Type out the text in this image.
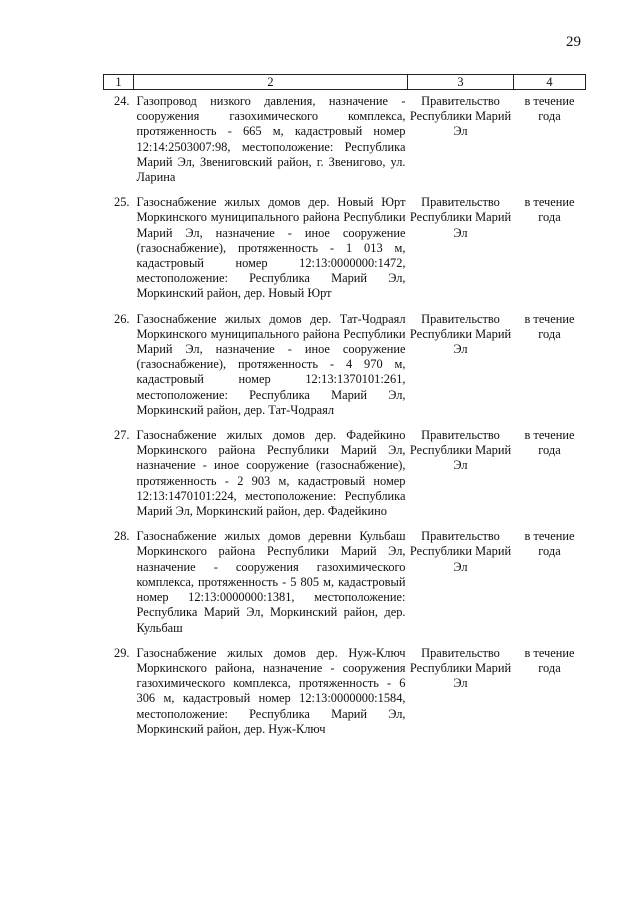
29
1	2	3	4
24.	Газопровод низкого давления, назначение - сооружения газохимического комплекса, протяженность - 665 м, кадастровый номер 12:14:2503007:98, местоположение: Республика Марий Эл, Звениговский район, г. Звенигово, ул. Ларина	Правительство Республики Марий Эл	в течение года
25.	Газоснабжение жилых домов дер. Новый Юрт Моркинского муниципального района Республики Марий Эл, назначение - иное сооружение (газоснабжение), протяженность - 1 013 м, кадастровый номер 12:13:0000000:1472, местоположение: Республика Марий Эл, Моркинский район, дер. Новый Юрт	Правительство Республики Марий Эл	в течение года
26.	Газоснабжение жилых домов дер. Тат-Чодраял Моркинского муниципального района Республики Марий Эл, назначение - иное сооружение (газоснабжение), протяженность - 4 970 м, кадастровый номер 12:13:1370101:261, местоположение: Республика Марий Эл, Моркинский район, дер. Тат-Чодраял	Правительство Республики Марий Эл	в течение года
27.	Газоснабжение жилых домов дер. Фадейкино Моркинского района Республики Марий Эл, назначение - иное сооружение (газоснабжение), протяженность - 2 903 м, кадастровый номер 12:13:1470101:224, местоположение: Республика Марий Эл, Моркинский район, дер. Фадейкино	Правительство Республики Марий Эл	в течение года
28.	Газоснабжение жилых домов деревни Кульбаш Моркинского района Республики Марий Эл, назначение - сооружения газохимического комплекса, протяженность - 5 805 м, кадастровый номер 12:13:0000000:1381, местоположение: Республика Марий Эл, Моркинский район, дер. Кульбаш	Правительство Республики Марий Эл	в течение года
29.	Газоснабжение жилых домов дер. Нуж-Ключ Моркинского района, назначение - сооружения газохимического комплекса, протяженность - 6 306 м, кадастровый номер 12:13:0000000:1584, местоположение: Республика Марий Эл, Моркинский район, дер. Нуж-Ключ	Правительство Республики Марий Эл	в течение года
